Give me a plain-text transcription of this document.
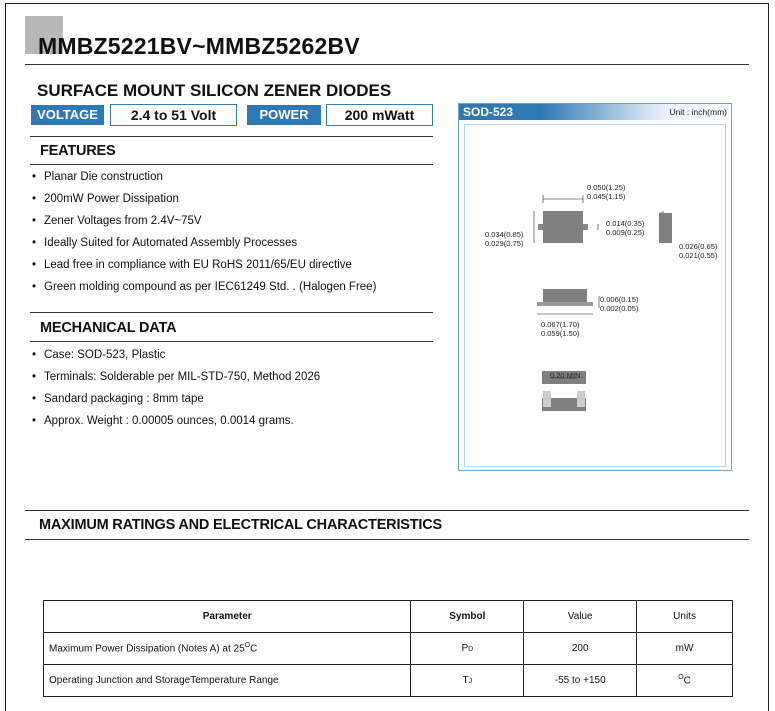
MMBZ5221BV~MMBZ5262BV
SURFACE MOUNT SILICON ZENER DIODES
VOLTAGE	2.4 to 51 Volt	POWER	200 mWatt
FEATURES
• Planar Die construction
• 200mW Power Dissipation
• Zener Voltages from 2.4V~75V
• Ideally Suited for Automated Assembly Processes
• Lead free in compliance with EU RoHS 2011/65/EU directive
• Green molding compound as per IEC61249 Std. . (Halogen Free)
MECHANICAL DATA
• Case: SOD-523, Plastic
• Terminals: Solderable per MIL-STD-750, Method 2026
• Sandard packaging : 8mm tape
• Approx. Weight : 0.00005 ounces, 0.0014 grams.
SOD-523	Unit : inch(mm)
0.050(1.25)
0.045(1.15)
0.034(0.85)
0.029(0.75)
0.014(0.35)
0.009(0.25)
0.026(0.65)
0.021(0.55)
0.006(0.15)
0.002(0.05)
0.067(1.70)
0.059(1.50)
0.20 MIN.
MAXIMUM RATINGS AND ELECTRICAL CHARACTERISTICS
Parameter	Symbol	Value	Units
Maximum Power Dissipation (Notes A) at $25^OC$	PD	200	mW
Operating Junction and StorageTemperature Range	TJ	-55 to +150	$^O$C
